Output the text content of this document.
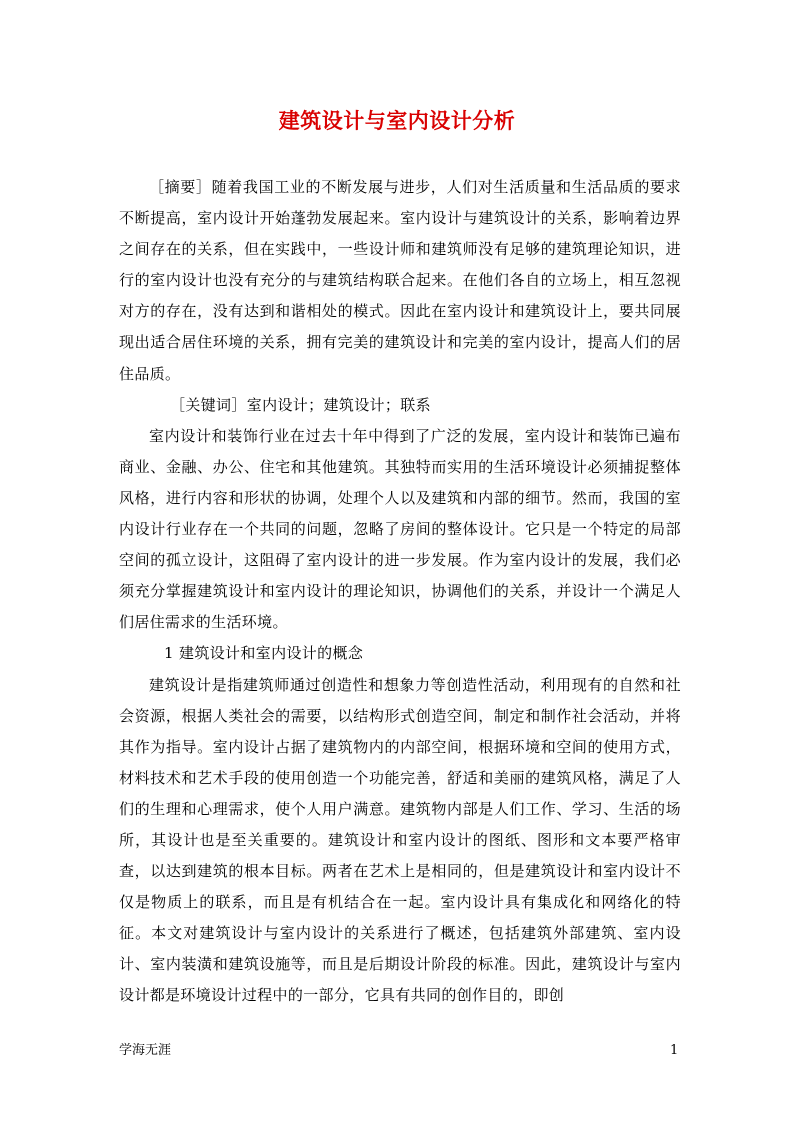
建筑设计与室内设计分析

［摘要］随着我国工业的不断发展与进步，人们对生活质量和生活品质的要求不断提高，室内设计开始蓬勃发展起来。室内设计与建筑设计的关系，影响着边界之间存在的关系，但在实践中，一些设计师和建筑师没有足够的建筑理论知识，进行的室内设计也没有充分的与建筑结构联合起来。在他们各自的立场上，相互忽视对方的存在，没有达到和谐相处的模式。因此在室内设计和建筑设计上，要共同展现出适合居住环境的关系，拥有完美的建筑设计和完美的室内设计，提高人们的居住品质。

［关键词］室内设计；建筑设计；联系

室内设计和装饰行业在过去十年中得到了广泛的发展，室内设计和装饰已遍布商业、金融、办公、住宅和其他建筑。其独特而实用的生活环境设计必须捕捉整体风格，进行内容和形状的协调，处理个人以及建筑和内部的细节。然而，我国的室内设计行业存在一个共同的问题，忽略了房间的整体设计。它只是一个特定的局部空间的孤立设计，这阻碍了室内设计的进一步发展。作为室内设计的发展，我们必须充分掌握建筑设计和室内设计的理论知识，协调他们的关系，并设计一个满足人们居住需求的生活环境。

1 建筑设计和室内设计的概念

建筑设计是指建筑师通过创造性和想象力等创造性活动，利用现有的自然和社会资源，根据人类社会的需要，以结构形式创造空间，制定和制作社会活动，并将其作为指导。室内设计占据了建筑物内的内部空间，根据环境和空间的使用方式，材料技术和艺术手段的使用创造一个功能完善，舒适和美丽的建筑风格，满足了人们的生理和心理需求，使个人用户满意。建筑物内部是人们工作、学习、生活的场所，其设计也是至关重要的。建筑设计和室内设计的图纸、图形和文本要严格审查，以达到建筑的根本目标。两者在艺术上是相同的，但是建筑设计和室内设计不仅是物质上的联系，而且是有机结合在一起。室内设计具有集成化和网络化的特征。本文对建筑设计与室内设计的关系进行了概述，包括建筑外部建筑、室内设计、室内装潢和建筑设施等，而且是后期设计阶段的标准。因此，建筑设计与室内设计都是环境设计过程中的一部分，它具有共同的创作目的，即创

学海无涯	1
